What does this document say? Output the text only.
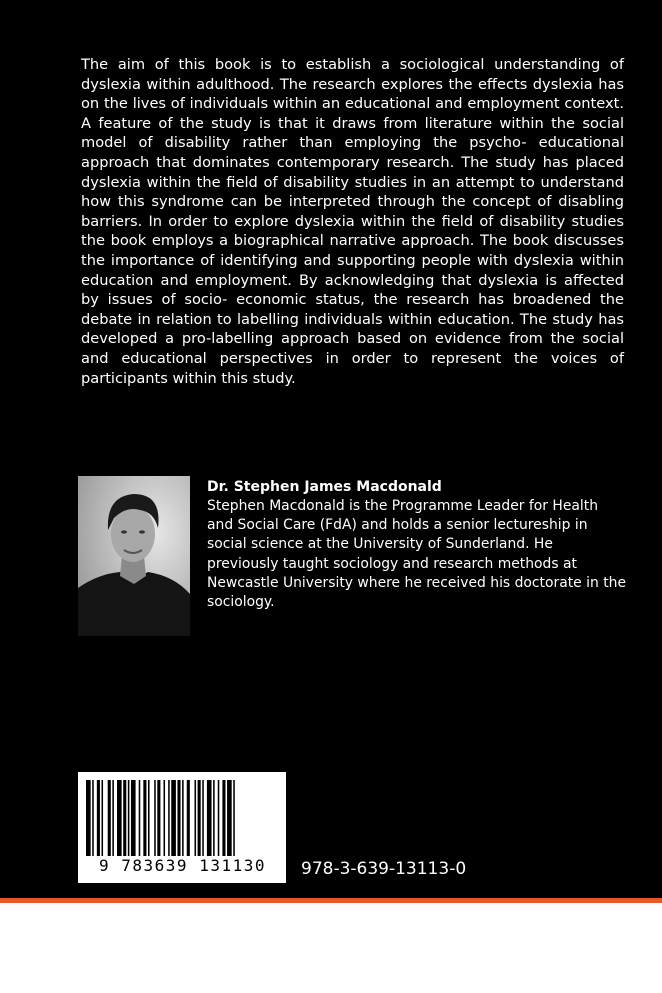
The aim of this book is to establish a sociological understanding of dyslexia within adulthood. The research explores the effects dyslexia has on the lives of individuals within an educational and employment context. A feature of the study is that it draws from literature within the social model of disability rather than employing the psycho- educational approach that dominates contemporary research. The study has placed dyslexia within the field of disability studies in an attempt to understand how this syndrome can be interpreted through the concept of disabling barriers. In order to explore dyslexia within the field of disability studies the book employs a biographical narrative approach. The book discusses the importance of identifying and supporting people with dyslexia within education and employment. By acknowledging that dyslexia is affected by issues of socio- economic status, the research has broadened the debate in relation to labelling individuals within education. The study has developed a pro-labelling approach based on evidence from the social and educational perspectives in order to represent the voices of participants within this study.

Dr. Stephen James Macdonald

Stephen Macdonald is the Programme Leader for Health and Social Care (FdA) and holds a senior lectureship in social science at the University of Sunderland. He previously taught sociology and research methods at Newcastle University where he received his doctorate in the sociology.

9 783639 131130	978-3-639-13113-0
